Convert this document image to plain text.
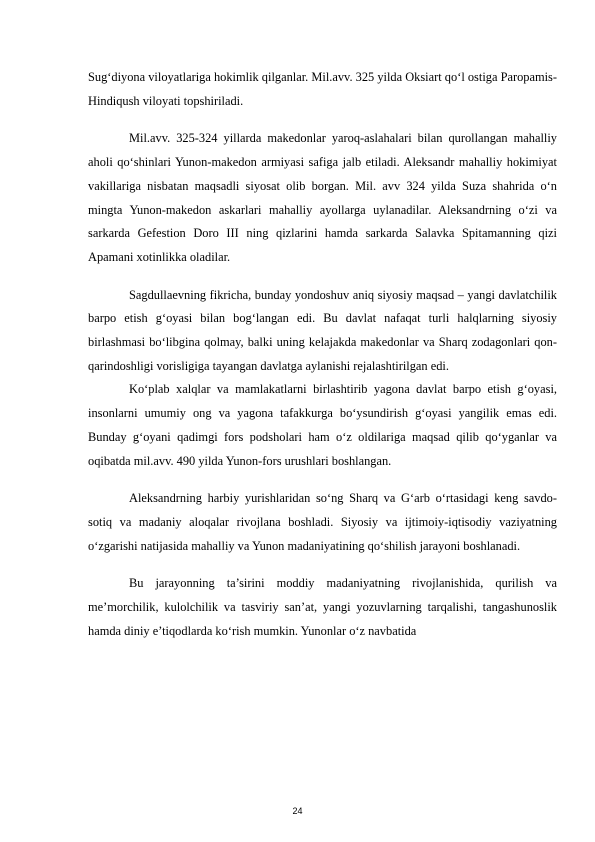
Sug‘diyona viloyatlariga hokimlik qilganlar. Mil.avv. 325 yilda Oksiart qo‘l ostiga Paropamis-Hindiqush viloyati topshiriladi.

Mil.avv. 325-324 yillarda makedonlar yaroq-aslahalari bilan qurollangan mahalliy aholi qo‘shinlari Yunon-makedon armiyasi safiga jalb etiladi. Aleksandr mahalliy hokimiyat vakillariga nisbatan maqsadli siyosat olib borgan. Mil. avv 324 yilda Suza shahrida o‘n mingta Yunon-makedon askarlari mahalliy ayollarga uylanadilar. Aleksandrning o‘zi va sarkarda Gefestion Doro III ning qizlarini hamda sarkarda Salavka Spitamanning qizi Apamani xotinlikka oladilar.

Sagdullaevning fikricha, bunday yondoshuv aniq siyosiy maqsad – yangi davlatchilik barpo etish g‘oyasi bilan bog‘langan edi. Bu davlat nafaqat turli halqlarning siyosiy birlashmasi bo‘libgina qolmay, balki uning kelajakda makedonlar va Sharq zodagonlari qon-qarindoshligi vorisligiga tayangan davlatga aylanishi rejalashtirilgan edi.

Ko‘plab xalqlar va mamlakatlarni birlashtirib yagona davlat barpo etish g‘oyasi, insonlarni umumiy ong va yagona tafakkurga bo‘ysundirish g‘oyasi yangilik emas edi. Bunday g‘oyani qadimgi fors podsholari ham o‘z oldilariga maqsad qilib qo‘yganlar va oqibatda mil.avv. 490 yilda Yunon-fors urushlari boshlangan.

Aleksandrning harbiy yurishlaridan so‘ng Sharq va G‘arb o‘rtasidagi keng savdo-sotiq va madaniy aloqalar rivojlana boshladi. Siyosiy va ijtimoiy-iqtisodiy vaziyatning o‘zgarishi natijasida mahalliy va Yunon madaniyatining qo‘shilish jarayoni boshlanadi.

Bu jarayonning ta’sirini moddiy madaniyatning rivojlanishida, qurilish va me’morchilik, kulolchilik va tasviriy san’at, yangi yozuvlarning tarqalishi, tangashunoslik hamda diniy e’tiqodlarda ko‘rish mumkin. Yunonlar o‘z navbatida

24
